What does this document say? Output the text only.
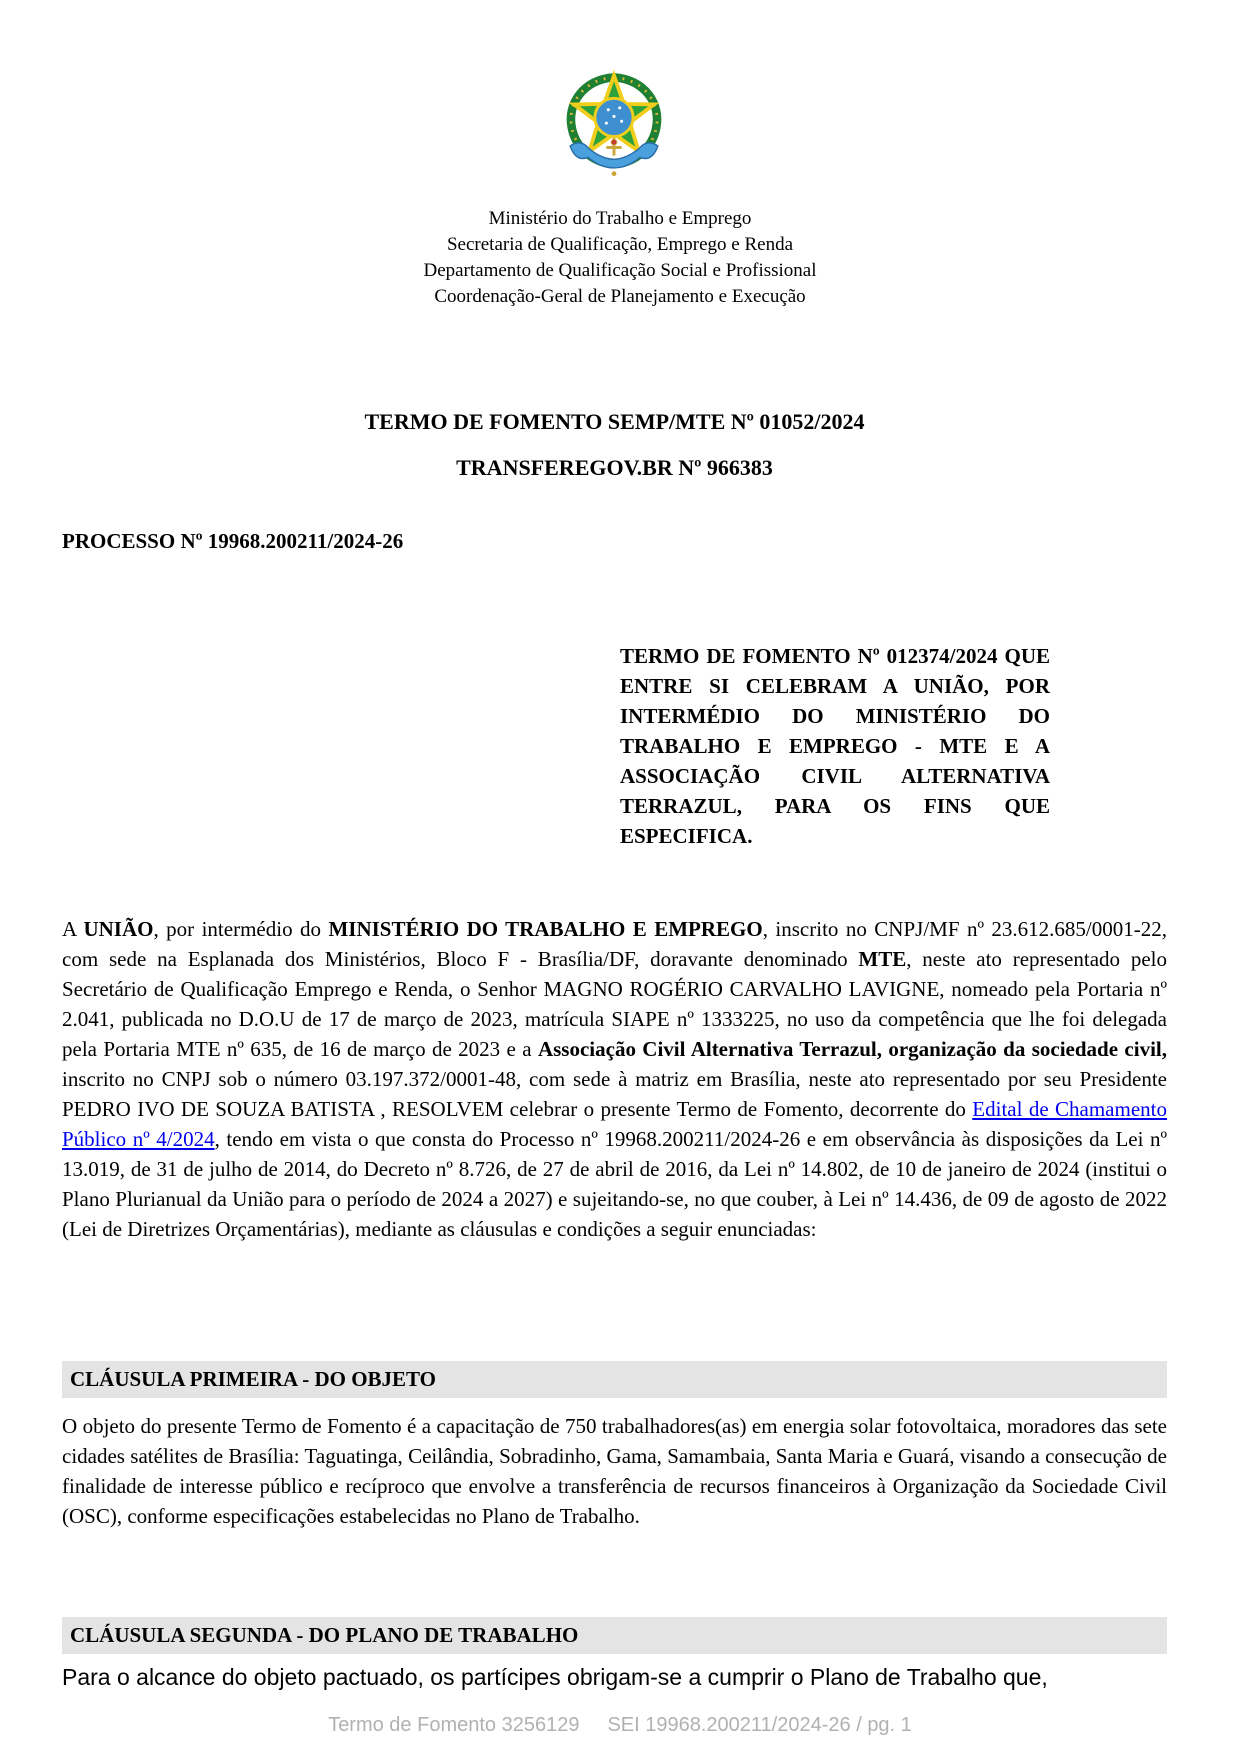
Ministério do Trabalho e Emprego
Secretaria de Qualificação, Emprego e Renda
Departamento de Qualificação Social e Profissional
Coordenação-Geral de Planejamento e Execução
TERMO DE FOMENTO SEMP/MTE Nº 01052/2024
TRANSFEREGOV.BR Nº 966383
PROCESSO Nº 19968.200211/2024-26
TERMO DE FOMENTO Nº 012374/2024 QUE ENTRE SI CELEBRAM A UNIÃO, POR INTERMÉDIO DO MINISTÉRIO DO TRABALHO E EMPREGO - MTE E A ASSOCIAÇÃO CIVIL ALTERNATIVA TERRAZUL, PARA OS FINS QUE ESPECIFICA.

A UNIÃO, por intermédio do MINISTÉRIO DO TRABALHO E EMPREGO, inscrito no CNPJ/MF nº 23.612.685/0001-22, com sede na Esplanada dos Ministérios, Bloco F - Brasília/DF, doravante denominado MTE, neste ato representado pelo Secretário de Qualificação Emprego e Renda, o Senhor MAGNO ROGÉRIO CARVALHO LAVIGNE, nomeado pela Portaria nº 2.041, publicada no D.O.U de 17 de março de 2023, matrícula SIAPE nº 1333225, no uso da competência que lhe foi delegada pela Portaria MTE nº 635, de 16 de março de 2023 e a Associação Civil Alternativa Terrazul, organização da sociedade civil, inscrito no CNPJ sob o número 03.197.372/0001-48, com sede à matriz em Brasília, neste ato representado por seu Presidente PEDRO IVO DE SOUZA BATISTA , RESOLVEM celebrar o presente Termo de Fomento, decorrente do Edital de Chamamento Público nº 4/2024, tendo em vista o que consta do Processo nº 19968.200211/2024-26 e em observância às disposições da Lei nº 13.019, de 31 de julho de 2014, do Decreto nº 8.726, de 27 de abril de 2016, da Lei nº 14.802, de 10 de janeiro de 2024 (institui o Plano Plurianual da União para o período de 2024 a 2027) e sujeitando-se, no que couber, à Lei nº 14.436, de 09 de agosto de 2022 (Lei de Diretrizes Orçamentárias), mediante as cláusulas e condições a seguir enunciadas:

CLÁUSULA PRIMEIRA - DO OBJETO

O objeto do presente Termo de Fomento é a capacitação de 750 trabalhadores(as) em energia solar fotovoltaica, moradores das sete cidades satélites de Brasília: Taguatinga, Ceilândia, Sobradinho, Gama, Samambaia, Santa Maria e Guará, visando a consecução de finalidade de interesse público e recíproco que envolve a transferência de recursos financeiros à Organização da Sociedade Civil (OSC), conforme especificações estabelecidas no Plano de Trabalho.

CLÁUSULA SEGUNDA - DO PLANO DE TRABALHO

Para o alcance do objeto pactuado, os partícipes obrigam-se a cumprir o Plano de Trabalho que,

Termo de Fomento 3256129 SEI 19968.200211/2024-26 / pg. 1
